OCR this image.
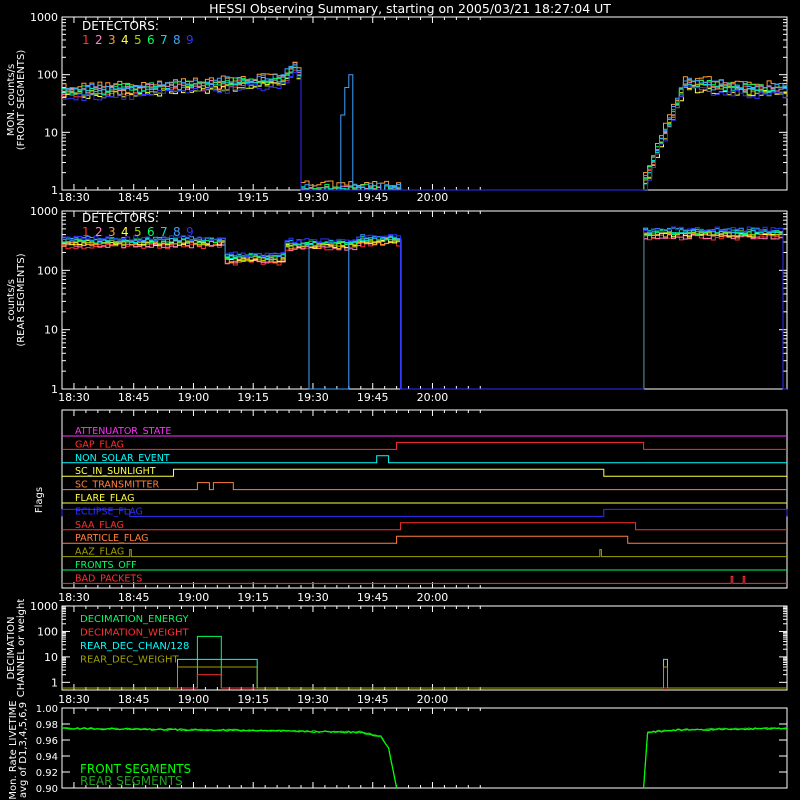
HESSI Observing Summary, starting on 2005/03/21 18:27:04 UT
1
10
100
1000
18:30	18:45	19:00	19:15	19:30	19:45	20:00
MON. counts/s (FRONT SEGMENTS)
DETECTORS:
1 2 3 4 5 6 7 8 9
1
10
100
1000
18:30	18:45	19:00	19:15	19:30	19:45	20:00
counts/s (REAR SEGMENTS)
DETECTORS:
1 2 3 4 5 6 7 8 9
18:30	18:45	19:00	19:15	19:30	19:45	20:00
Flags
ATTENUATOR_STATE
GAP_FLAG
NON_SOLAR_EVENT
SC_IN_SUNLIGHT
SC_TRANSMITTER
FLARE_FLAG
ECLIPSE_FLAG
SAA_FLAG
PARTICLE_FLAG
AAZ_FLAG
FRONTS_OFF
BAD_PACKETS
1
10
100
1000
18:30	18:45	19:00	19:15	19:30	19:45	20:00
DECIMATION CHANNEL or weight	DECIMATION_ENERGY
DECIMATION_WEIGHT
REAR_DEC_CHAN/128
REAR_DEC_WEIGHT
Mon. Rate LIVETIME avg of D1,3,4,5,6,9 0.90
0.92
0.94
0.96
0.98
1.00
FRONT SEGMENTS
REAR SEGMENTS
